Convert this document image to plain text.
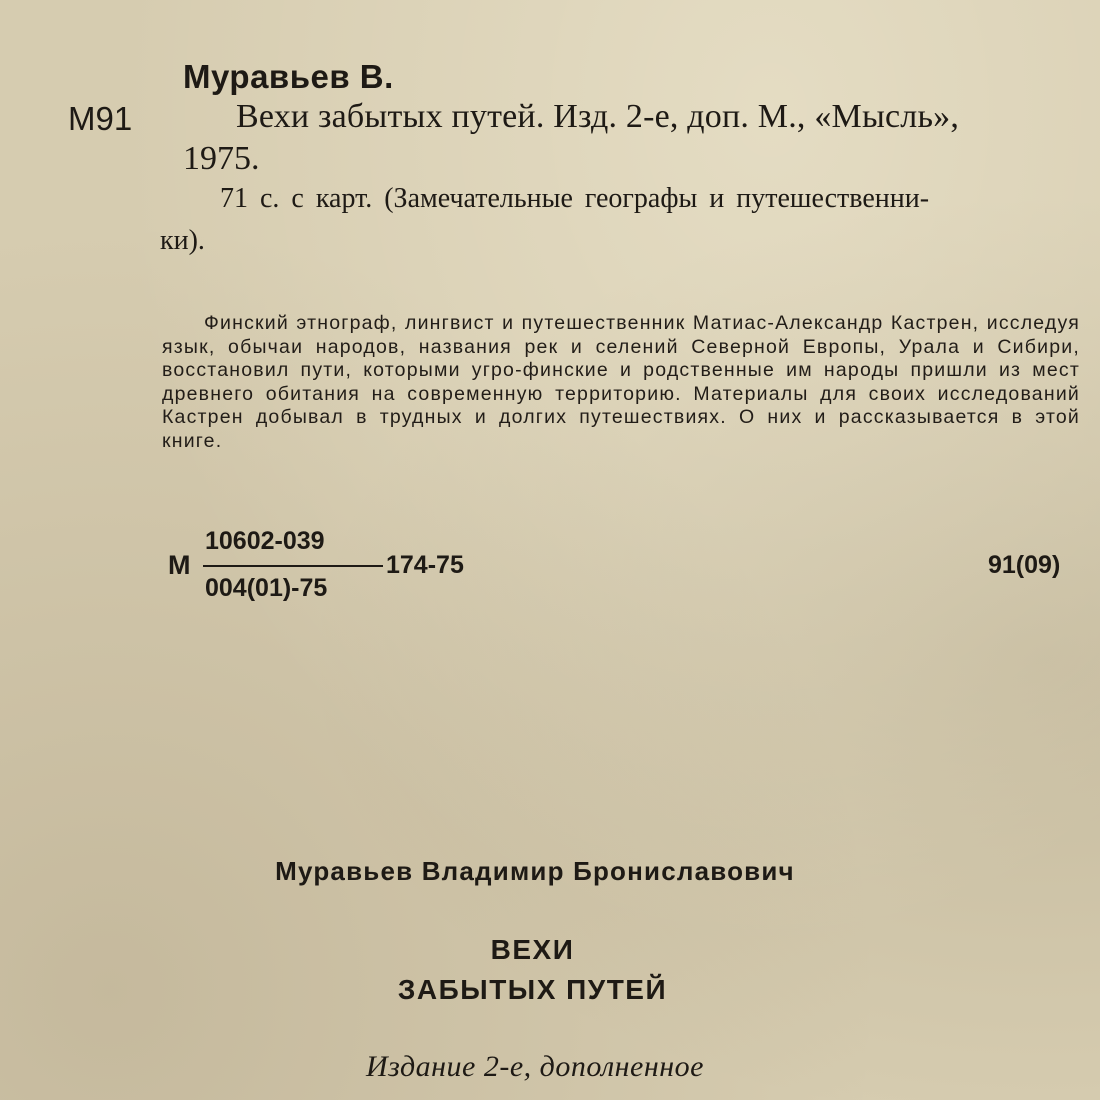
Муравьев В.
М91	Вехи забытых путей. Изд. 2-е, доп. М., «Мысль»,
1975.
71 с. с карт. (Замечательные географы и путешественни-
ки).
Финский этнограф, лингвист и путешественник Матиас-Александр Кастрен, исследуя язык, обычаи народов, названия рек и селений Северной Европы, Урала и Сибири, восстановил пути, которыми угро-финские и родственные им народы пришли из мест древнего обитания на современную территорию. Материалы для своих исследований Кастрен добывал в трудных и долгих путешествиях. О них и рассказывается в этой книге.
М
10602-039
004(01)-75
174-75	91(09)
Муравьев Владимир Брониславович
ВЕХИ
ЗАБЫТЫХ ПУТЕЙ
Издание 2-е, дополненное
